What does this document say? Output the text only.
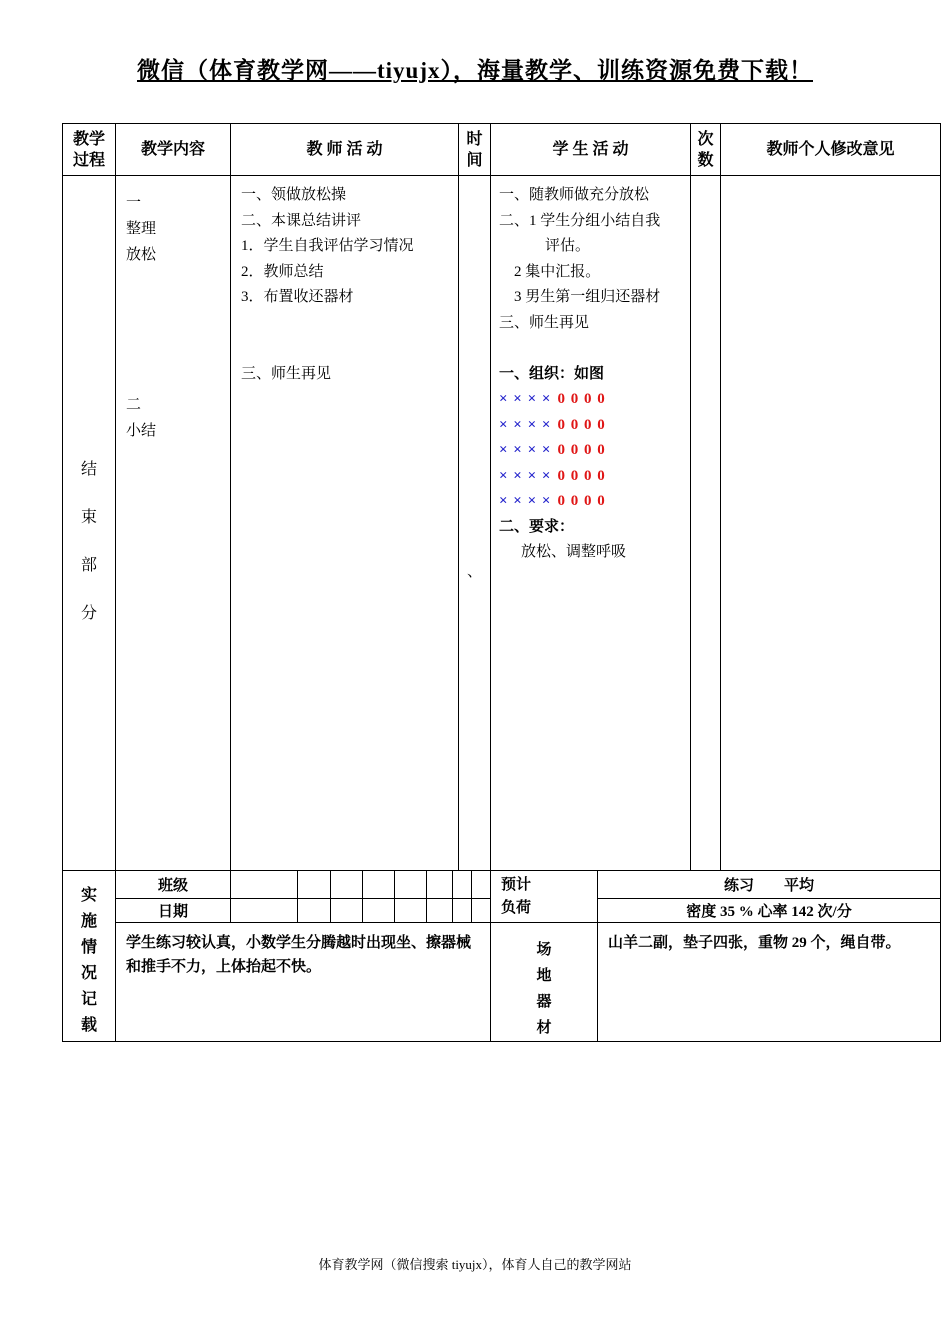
微信（体育教学网——tiyujx），海量教学、训练资源免费下载！
教学
过程
教学内容	教 师 活 动
时
间
学 生 活 动
次
数
教师个人修改意见
结
束
部
分
一
整理
放松
二
小结
一、领做放松操
二、本课总结讲评
1．学生自我评估学习情况
2．教师总结
3．布置收还器材
三、师生再见
、
一、随教师做充分放松
二、1 学生分组小结自我
评估。
2 集中汇报。
3 男生第一组归还器材
三、师生再见
一、组织：如图
× × × × 0 0 0 0
× × × × 0 0 0 0
× × × × 0 0 0 0
× × × × 0 0 0 0
× × × × 0 0 0 0
二、要求：
放松、调整呼吸
实
施
情
况
记
载
班级
日期
预计
负荷
练习　　平均
密度 35 % 心率 142 次/分
学生练习较认真，小数学生分腾越时出现坐、擦器械和推手不力，上体抬起不快。
场
地
器
材
山羊二副，垫子四张，重物 29 个，绳自带。
体育教学网（微信搜索 tiyujx），体育人自己的教学网站
